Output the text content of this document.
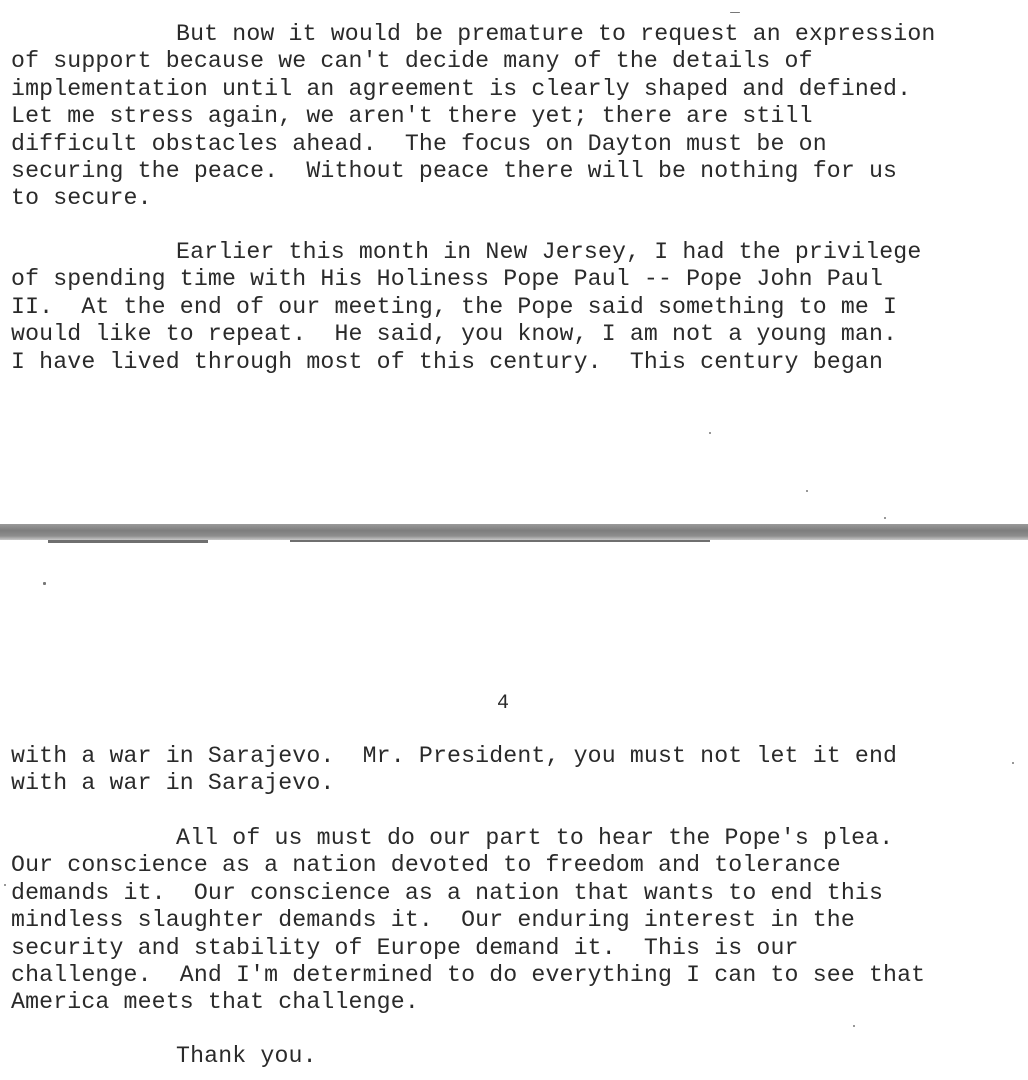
But now it would be premature to request an expression
of support because we can't decide many of the details of
implementation until an agreement is clearly shaped and defined.
Let me stress again, we aren't there yet; there are still
difficult obstacles ahead.  The focus on Dayton must be on
securing the peace.  Without peace there will be nothing for us
to secure.
Earlier this month in New Jersey, I had the privilege
of spending time with His Holiness Pope Paul -- Pope John Paul
II.  At the end of our meeting, the Pope said something to me I
would like to repeat.  He said, you know, I am not a young man.
I have lived through most of this century.  This century began
4
with a war in Sarajevo.  Mr. President, you must not let it end
with a war in Sarajevo.
All of us must do our part to hear the Pope's plea.
Our conscience as a nation devoted to freedom and tolerance
demands it.  Our conscience as a nation that wants to end this
mindless slaughter demands it.  Our enduring interest in the
security and stability of Europe demand it.  This is our
challenge.  And I'm determined to do everything I can to see that
America meets that challenge.
Thank you.
